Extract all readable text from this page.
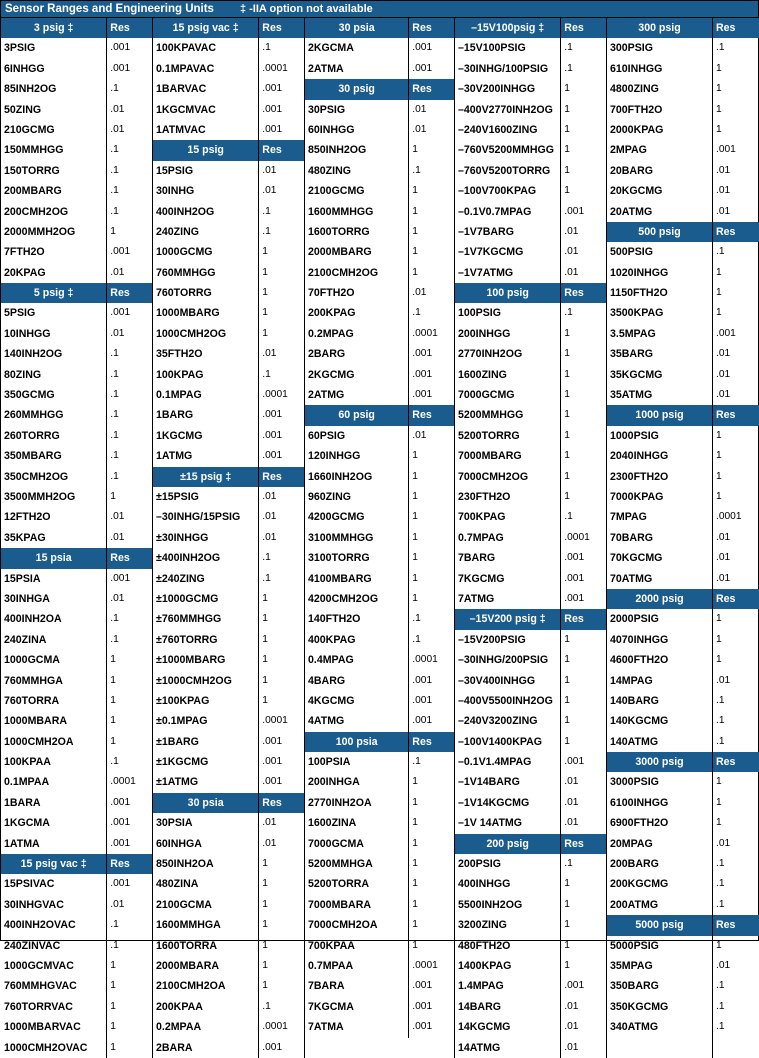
Sensor Ranges and Engineering Units ‡ -IIA option not available
3 psig ‡
3PSIG
6INHGG
85INH2OG
50ZING
210GCMG
150MMHGG
150TORRG
200MBARG
200CMH2OG
2000MMH2OG
7FTH2O
20KPAG
5 psig ‡
5PSIG
10INHGG
140INH2OG
80ZING
350GCMG
260MMHGG
260TORRG
350MBARG
350CMH2OG
3500MMH2OG
12FTH2O
35KPAG
15 psia
15PSIA
30INHGA
400INH2OA
240ZINA
1000GCMA
760MMHGA
760TORRA
1000MBARA
1000CMH2OA
100KPAA
0.1MPAA
1BARA
1KGCMA
1ATMA
15 psig vac ‡
15PSIVAC
30INHGVAC
400INH2OVAC
240ZINVAC
1000GCMVAC
760MMHGVAC
760TORRVAC
1000MBARVAC
1000CMH2OVAC
Res
.001
.001
.1
.01
.01
.1
.1
.1
.1
1
.001
.01
Res
.001
.01
.1
.1
.1
.1
.1
.1
.1
1
.01
.01
Res
.001
.01
.1
.1
1
1
1
1
1
.1
.0001
.001
.001
.001
Res
.001
.01
.1
.1
1
1
1
1
1
15 psig vac ‡
100KPAVAC
0.1MPAVAC
1BARVAC
1KGCMVAC
1ATMVAC
15 psig
15PSIG
30INHG
400INH2OG
240ZING
1000GCMG
760MMHGG
760TORRG
1000MBARG
1000CMH2OG
35FTH2O
100KPAG
0.1MPAG
1BARG
1KGCMG
1ATMG
±15 psig ‡
±15PSIG
–30INHG/15PSIG
±30INHGG
±400INH2OG
±240ZING
±1000GCMG
±760MMHGG
±760TORRG
±1000MBARG
±1000CMH2OG
±100KPAG
±0.1MPAG
±1BARG
±1KGCMG
±1ATMG
30 psia
30PSIA
60INHGA
850INH2OA
480ZINA
2100GCMA
1600MMHGA
1600TORRA
2000MBARA
2100CMH2OA
200KPAA
0.2MPAA
2BARA
Res
.1
.0001
.001
.001
.001
Res
.01
.01
.1
.1
1
1
1
1
1
.01
.1
.0001
.001
.001
.001
Res
.01
.01
.01
.1
.1
1
1
1
1
1
1
.0001
.001
.001
.001
Res
.01
.01
1
1
1
1
1
1
1
.1
.0001
.001
30 psia
2KGCMA
2ATMA
30 psig
30PSIG
60INHGG
850INH2OG
480ZING
2100GCMG
1600MMHGG
1600TORRG
2000MBARG
2100CMH2OG
70FTH2O
200KPAG
0.2MPAG
2BARG
2KGCMG
2ATMG
60 psig
60PSIG
120INHGG
1660INH2OG
960ZING
4200GCMG
3100MMHGG
3100TORRG
4100MBARG
4200CMH2OG
140FTH2O
400KPAG
0.4MPAG
4BARG
4KGCMG
4ATMG
100 psia
100PSIA
200INHGA
2770INH2OA
1600ZINA
7000GCMA
5200MMHGA
5200TORRA
7000MBARA
7000CMH2OA
700KPAA
0.7MPAA
7BARA
7KGCMA
7ATMA
Res
.001
.001
Res
.01
.01
1
.1
1
1
1
1
1
.01
.1
.0001
.001
.001
.001
Res
.01
1
1
1
1
1
1
1
1
.1
.1
.0001
.001
.001
.001
Res
.1
1
1
1
1
1
1
1
1
1
.0001
.001
.001
.001
–15V100psig ‡
–15V100PSIG
–30INHG/100PSIG
–30V200INHGG
–400V2770INH2OG
–240V1600ZING
–760V5200MMHGG
–760V5200TORRG
–100V700KPAG
–0.1V0.7MPAG
–1V7BARG
–1V7KGCMG
–1V7ATMG
100 psig
100PSIG
200INHGG
2770INH2OG
1600ZING
7000GCMG
5200MMHGG
5200TORRG
7000MBARG
7000CMH2OG
230FTH2O
700KPAG
0.7MPAG
7BARG
7KGCMG
7ATMG
–15V200 psig ‡
–15V200PSIG
–30INHG/200PSIG
–30V400INHGG
–400V5500INH2OG
–240V3200ZING
–100V1400KPAG
–0.1V1.4MPAG
–1V14BARG
–1V14KGCMG
–1V 14ATMG
200 psig
200PSIG
400INHGG
5500INH2OG
3200ZING
480FTH2O
1400KPAG
1.4MPAG
14BARG
14KGCMG
14ATMG
Res
.1
.1
1
1
1
1
1
1
.001
.01
.01
.01
Res
.1
1
1
1
1
1
1
1
1
1
.1
.0001
.001
.001
.001
Res
1
1
1
1
1
1
.001
.01
.01
.01
Res
.1
1
1
1
1
1
.001
.01
.01
.01
300 psig
300PSIG
610INHGG
4800ZING
700FTH2O
2000KPAG
2MPAG
20BARG
20KGCMG
20ATMG
500 psig
500PSIG
1020INHGG
1150FTH2O
3500KPAG
3.5MPAG
35BARG
35KGCMG
35ATMG
1000 psig
1000PSIG
2040INHGG
2300FTH2O
7000KPAG
7MPAG
70BARG
70KGCMG
70ATMG
2000 psig
2000PSIG
4070INHGG
4600FTH2O
14MPAG
140BARG
140KGCMG
140ATMG
3000 psig
3000PSIG
6100INHGG
6900FTH2O
20MPAG
200BARG
200KGCMG
200ATMG
5000 psig
5000PSIG
35MPAG
350BARG
350KGCMG
340ATMG
Res
.1
1
1
1
1
.001
.01
.01
.01
Res
.1
1
1
1
.001
.01
.01
.01
Res
1
1
1
1
.0001
.01
.01
.01
Res
1
1
1
.01
.1
.1
.1
Res
1
1
1
.01
.1
.1
.1
Res
1
.01
.1
.1
.1
